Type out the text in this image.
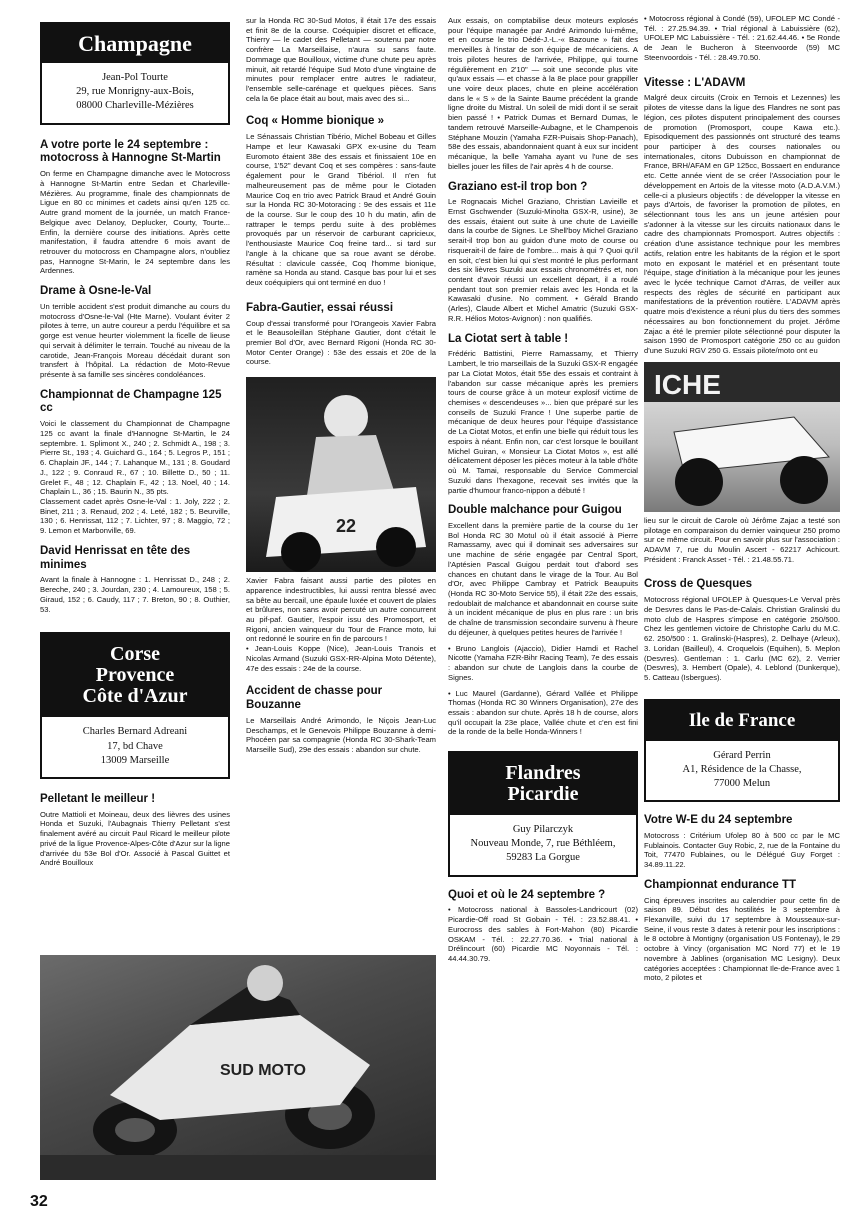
Champagne
Jean-Pol Tourte
29, rue Monrigny-aux-Bois,
08000 Charleville-Mézières
A votre porte le 24 septembre : motocross à Hannogne St-Martin

On ferme en Champagne dimanche avec le Motocross à Hannogne St-Martin entre Sedan et Charleville-Mézières. Au programme, finale des championnats de Ligue en 80 cc minimes et cadets ainsi qu'en 125 cc. Autre grand moment de la journée, un match France-Belgique avec Delanoy, Deplucker, Courty, Tourte... Enfin, la dernière course des initiations. Après cette manifestation, il faudra attendre 6 mois avant de retrouver du motocross en Champagne alors, n'oubliez pas, Hannogne St-Marin, le 24 septembre dans les Ardennes.

Drame à Osne-le-Val

Un terrible accident s'est produit dimanche au cours du motocross d'Osne-le-Val (Hte Marne). Voulant éviter 2 pilotes à terre, un autre coureur a perdu l'équilibre et sa gorge est venue heurter violemment la ficelle de lieuse qui servait à délimiter le terrain. Touché au niveau de la carotide, Jean-François Moreau décédait durant son transfert à l'hôpital. La rédaction de Moto-Revue présente à sa famille ses sincères condoléances.

Championnat de Champagne 125 cc

Voici le classement du Championnat de Champagne 125 cc avant la finale d'Hannogne St-Martin, le 24 septembre. 1. Splimont X., 240 ; 2. Schmidt A., 198 ; 3. Pierre St., 193 ; 4. Guichard G., 164 ; 5. Legros P., 151 ; 6. Chaplain JF., 144 ; 7. Lahanque M., 131 ; 8. Goudard J., 122 ; 9. Conraud R., 67 ; 10. Billette D., 50 ; 11. Grelet F., 48 ; 12. Chaplain F., 42 ; 13. Noel, 40 ; 14. Chaplain L., 36 ; 15. Baurin N., 35 pts.

Classement cadet après Osne-le-Val : 1. Joly, 222 ; 2. Binet, 211 ; 3. Renaud, 202 ; 4. Leté, 182 ; 5. Beurville, 130 ; 6. Henrissat, 112 ; 7. Lichter, 97 ; 8. Maggio, 72 ; 9. Lemon et Marbonville, 69.

David Henrissat en tête des minimes

Avant la finale à Hannogne : 1. Henrissat D., 248 ; 2. Bereche, 240 ; 3. Jourdan, 230 ; 4. Lamoureux, 158 ; 5. Giraud, 152 ; 6. Caudy, 117 ; 7. Breton, 90 ; 8. Outhier, 53.

Corse
Provence
Côte d'Azur
Charles Bernard Adreani
17, bd Chave
13009 Marseille
Pelletant le meilleur !

Outre Mattioli et Moineau, deux des lièvres des usines Honda et Suzuki, l'Aubagnais Thierry Pelletant s'est finalement avéré au circuit Paul Ricard le meilleur pilote privé de la ligue Provence-Alpes-Côte d'Azur sur la ligne d'arrivée du 53e Bol d'Or. Associé à Pascal Guittet et André Bouilloux

SUD MOTO

sur la Honda RC 30-Sud Motos, il était 17e des essais et finit 8e de la course. Coéquipier discret et efficace, Thierry — le cadet des Pelletant — soutenu par notre confrère La Marseillaise, n'aura su sans faute. Dommage que Bouilloux, victime d'une chute peu après minuit, ait retardé l'équipe Sud Moto d'une vingtaine de minutes pour remplacer entre autres le radiateur, l'ensemble selle-carénage et quelques pièces. Sans cela la 6e place était au bout, mais avec des si...

Coq « Homme bionique »

Le Sénassais Christian Tibério, Michel Bobeau et Gilles Hampe et leur Kawasaki GPX ex-usine du Team Euromoto étaient 38e des essais et finissaient 10e en course, 1'52" devant Coq et ses compères : sans-faute également pour le Grand Tibériol. Il n'en fut malheureusement pas de même pour le Ciotaden Maurice Coq en trio avec Patrick Braud et André Gouin sur la Honda RC 30-Motoracing : 9e des essais et 11e de la course. Sur le coup des 10 h du matin, afin de rattraper le temps perdu suite à des problèmes provoqués par un réservoir de carburant capricieux, l'enthousiaste Maurice Coq freine tard... si tard sur l'angle à la chicane que sa roue avant se dérobe. Résultat : clavicule cassée, Coq l'homme bionique, ramène sa Honda au stand. Casque bas pour lui et ses deux coéquipiers qui ont terminé en duo !

Fabra-Gautier, essai réussi

Coup d'essai transformé pour l'Orangeois Xavier Fabra et le Beausoleillan Stéphane Gautier, dont c'était le premier Bol d'Or, avec Bernard Rigoni (Honda RC 30-Motor Center Orange) : 53e des essais et 20e de la course.

22

Xavier Fabra faisant aussi partie des pilotes en apparence indestructibles, lui aussi rentra blessé avec sa bête au bercail, une épaule luxée et couvert de plaies et brûlures, non sans avoir percuté un autre concurrent au pif-paf. Gautier, l'espoir issu des Promosport, et Rigoni, ancien vainqueur du Tour de France moto, lui ont redonné le sourire en fin de parcours !

• Jean-Louis Koppe (Nice), Jean-Louis Tranois et Nicolas Armand (Suzuki GSX-RR-Alpina Moto Détente), 47e des essais : 24e de la course.

Accident de chasse pour Bouzanne

Le Marseillais André Arimondo, le Niçois Jean-Luc Deschamps, et le Genevois Philippe Bouzanne à demi-Phocéen par sa compagnie (Honda RC 30-Shark-Team Marseille Sud), 29e des essais : abandon sur chute.

Aux essais, on comptabilise deux moteurs explosés pour l'équipe managée par André Arimondo lui-même, et en course le trio Dédé-J.-L.-« Bazoune » fait des merveilles à l'instar de son équipe de mécaniciens. A trois pilotes heures de l'arrivée, Philippe, qui tourne régulièrement en 2'10" — soit une seconde plus vite qu'aux essais — et chasse à la 8e place pour grappiller une voire deux places, chute en pleine accélération dans le « S » de la Sainte Baume précédent la grande ligne droite du Mistral. Un soleil de midi dont il se serait bien passé ! • Patrick Dumas et Bernard Dumas, le tandem retrouvé Marseille-Aubagne, et le Champenois Stéphane Mouzin (Yamaha FZR-Puisais Shop-Panach), 58e des essais, abandonnaient quant à eux sur incident mécanique, la belle Yamaha ayant vu l'une de ses bielles jouer les filles de l'air après 4 h de course.

Graziano est-il trop bon ?

Le Rognacais Michel Graziano, Christian Lavieille et Ernst Gschwender (Suzuki-Minolta GSX-R, usine), 3e des essais, étaient out suite à une chute de Lavieille dans la courbe de Signes. Le Shell'boy Michel Graziano serait-il trop bon au guidon d'une moto de course ou risquerait-il de faire de l'ombre... mais à qui ? Quoi qu'il en soit, c'est bien lui qui s'est montré le plus performant des six lièvres Suzuki aux essais chronométrés et, non content d'avoir réussi un excellent départ, il a roulé pendant tout son premier relais avec les Honda et la Kawasaki d'usine. No comment. • Gérald Brando (Arles), Claude Albert et Michel Amatric (Suzuki GSX-R.R. Hélios Motos-Avignon) : non qualifiés.

La Ciotat sert à table !

Frédéric Battistini, Pierre Ramassamy, et Thierry Lambert, le trio marseillais de la Suzuki GSX-R engagée par La Ciotat Motos, était 55e des essais et contraint à l'abandon sur casse mécanique après les premiers tours de course grâce à un moteur explosif victime de chemises « descendeuses »... bien que préparé sur les conseils de Suzuki France ! Une superbe partie de mécanique de deux heures pour l'équipe d'assistance de La Ciotat Motos, et enfin une bielle qui réduit tous les espoirs à néant. Enfin non, car c'est lorsque le bouillant Michel Guiran, « Monsieur La Ciotat Motos », est allé délicatement déposer les pièces moteur à la table d'hôte où M. Tamai, responsable du Service Commercial Suzuki dans l'hexagone, recevait ses invités que la partie d'humour franco-nippon a débuté !

Double malchance pour Guigou

Excellent dans la première partie de la course du 1er Bol Honda RC 30 Motul où il était associé à Pierre Ramassamy, avec qui il dominait ses adversaires sur une machine de série engagée par Central Sport, l'Aptésien Pascal Guigou perdait tout d'abord ses chances en chutant dans le virage de la Tour. Au Bol d'Or, avec Philippe Cambray et Patrick Beaupuits (Honda RC 30-Moto Service 55), il était 22e des essais, redoublait de malchance et abandonnait en course suite à un incident mécanique de plus en plus rare : un bris de chaîne de transmission secondaire survenu à l'heure du déjeuner, à quelques petites heures de l'arrivée !

• Bruno Langlois (Ajaccio), Didier Hamdi et Rachel Nicotte (Yamaha FZR-Bihr Racing Team), 7e des essais : abandon sur chute de Langlois dans la courbe de Signes.

• Luc Maurel (Gardanne), Gérard Vallée et Philippe Thomas (Honda RC 30 Winners Organisation), 27e des essais : abandon sur chute. Après 18 h de course, alors qu'il occupait la 23e place, Vallée chute et c'en est fini de la ronde de la belle Honda-Winners !

Flandres
Picardie
Guy Pilarczyk
Nouveau Monde, 7, rue Béthléem,
59283 La Gorgue
Quoi et où le 24 septembre ?

• Motocross national à Bassoles-Landricourt (02) Picardie-Off road St Gobain - Tél. : 23.52.88.41. • Eurocross des sables à Fort-Mahon (80) Picardie OSKAM - Tél. : 22.27.70.36. • Trial national à Drélincourt (60) Picardie MC Noyonnais - Tél. : 44.44.30.79.

• Motocross régional à Condé (59), UFOLEP MC Condé - Tél. : 27.25.94.39. • Trial régional à Labuissière (62), UFOLEP MC Labuissière - Tél. : 21.62.44.46. • 5e Ronde de Jean le Bucheron à Steenvoorde (59) MC Steenvoordois - Tél. : 28.49.70.50.

Vitesse : L'ADAVM

Malgré deux circuits (Croix en Ternois et Lezennes) les pilotes de vitesse dans la ligue des Flandres ne sont pas légion, ces pilotes disputent principalement des courses de promotion (Promosport, coupe Kawa etc.). Episodiquement des passionnés ont structuré des teams pour participer à des courses nationales ou internationales, citons Dubuisson en championnat de France, BRH/AFAM en GP 125cc, Bossaert en endurance etc. Cette année vient de se créer l'Association pour le développement en Artois de la vitesse moto (A.D.A.V.M.) celle-ci a plusieurs objectifs : de développer la vitesse en pays d'Artois, de favoriser la promotion de pilotes, en sélectionnant tous les ans un jeune artésien pour s'adonner à la vitesse sur les circuits nationaux dans le cadre des championnats Promosport. Autres objectifs : création d'une assistance technique pour les membres actifs, relation entre les habitants de la région et le sport moto en exposant le matériel et en présentant toute l'équipe, stage d'initiation à la mécanique pour les jeunes avec le lycée technique Carnot d'Arras, de veiller aux respects des règles de sécurité en participant aux manifestations de la prévention routière. L'ADAVM après quatre mois d'existence a réuni plus du tiers des sommes nécessaires au bon fonctionnement du projet. Jérôme Zajac a été le premier pilote sélectionné pour disputer la saison 1990 de Promosport catégorie 250 cc au guidon d'une Suzuki RGV 250 G. Essais pilote/moto ont eu

ICHE

lieu sur le circuit de Carole où Jérôme Zajac a testé son pilotage en comparaison du dernier vainqueur 250 promo sur ce même circuit. Pour en savoir plus sur l'association : ADAVM 7, rue du Moulin Ascert - 62217 Achicourt. Président : Franck Asset - Tél. : 21.48.55.71.

Cross de Quesques

Motocross régional UFOLEP à Quesques-Le Verval près de Desvres dans le Pas-de-Calais. Christian Gralinski du moto club de Haspres s'impose en catégorie 250/500. Chez les gentlemen victoire de Christophe Carlu du M.C. 62. 250/500 : 1. Gralinski-(Haspres), 2. Delhaye (Arleux), 3. Loridan (Bailleul), 4. Croquelois (Equihen), 5. Meplon (Desvres). Gentleman : 1. Carlu (MC 62), 2. Verrier (Desvres), 3. Hembert (Opale), 4. Leblond (Dunkerque), 5. Catteau (Isbergues).

Ile de France
Gérard Perrin
A1, Résidence de la Chasse,
77000 Melun
Votre W-E du 24 septembre

Motocross : Critérium Ufolep 80 à 500 cc par le MC Fublainois. Contacter Guy Robic, 2, rue de la Fontaine du Toit, 77470 Fublaines, ou le Délégué Guy Forget : 34.89.11.22.

Championnat endurance TT

Cinq épreuves inscrites au calendrier pour cette fin de saison 89. Début des hostilités le 3 septembre à Flexanville, suivi du 17 septembre à Mousseaux-sur-Seine, il vous reste 3 dates à retenir pour les inscriptions : le 8 octobre à Montigny (organisation US Fontenay), le 29 octobre à Vincy (organisation MC Nord 77) et le 19 novembre à Jablines (organisation MC Lesigny). Deux catégories acceptées : Championnat Ile-de-France avec 1 moto, 2 pilotes et

32
